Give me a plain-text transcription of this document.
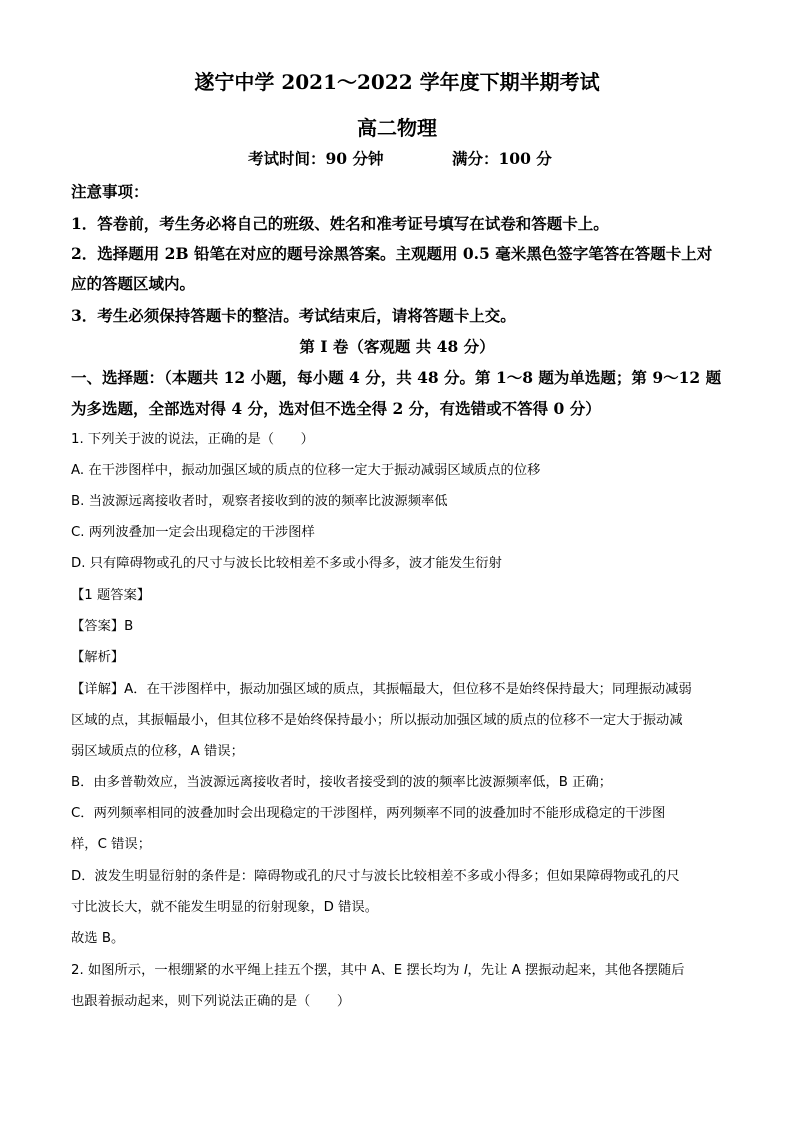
遂宁中学 2021～2022 学年度下期半期考试
高二物理
考试时间：90 分钟	满分：100 分
注意事项：
1．答卷前，考生务必将自己的班级、姓名和准考证号填写在试卷和答题卡上。
2．选择题用 2B 铅笔在对应的题号涂黑答案。主观题用 0.5 毫米黑色签字笔答在答题卡上对
应的答题区域内。
3．考生必须保持答题卡的整洁。考试结束后，请将答题卡上交。
第 Ⅰ 卷（客观题 共 48 分）
一、选择题：（本题共 12 小题，每小题 4 分，共 48 分。第 1～8 题为单选题；第 9～12 题
为多选题，全部选对得 4 分，选对但不选全得 2 分，有选错或不答得 0 分）
1. 下列关于波的说法，正确的是（　　）
A. 在干涉图样中，振动加强区域的质点的位移一定大于振动减弱区域质点的位移
B. 当波源远离接收者时，观察者接收到的波的频率比波源频率低
C. 两列波叠加一定会出现稳定的干涉图样
D. 只有障碍物或孔的尺寸与波长比较相差不多或小得多，波才能发生衍射
【1 题答案】
【答案】B
【解析】
【详解】A．在干涉图样中，振动加强区域的质点，其振幅最大，但位移不是始终保持最大；同理振动减弱
区域的点，其振幅最小，但其位移不是始终保持最小；所以振动加强区域的质点的位移不一定大于振动减
弱区域质点的位移，A 错误；
B．由多普勒效应，当波源远离接收者时，接收者接受到的波的频率比波源频率低，B 正确；
C．两列频率相同的波叠加时会出现稳定的干涉图样，两列频率不同的波叠加时不能形成稳定的干涉图
样，C 错误；
D．波发生明显衍射的条件是：障碍物或孔的尺寸与波长比较相差不多或小得多；但如果障碍物或孔的尺
寸比波长大，就不能发生明显的衍射现象，D 错误。
故选 B。
2. 如图所示，一根绷紧的水平绳上挂五个摆，其中 A、E 摆长均为 l，先让 A 摆振动起来，其他各摆随后
也跟着振动起来，则下列说法正确的是（　　）
